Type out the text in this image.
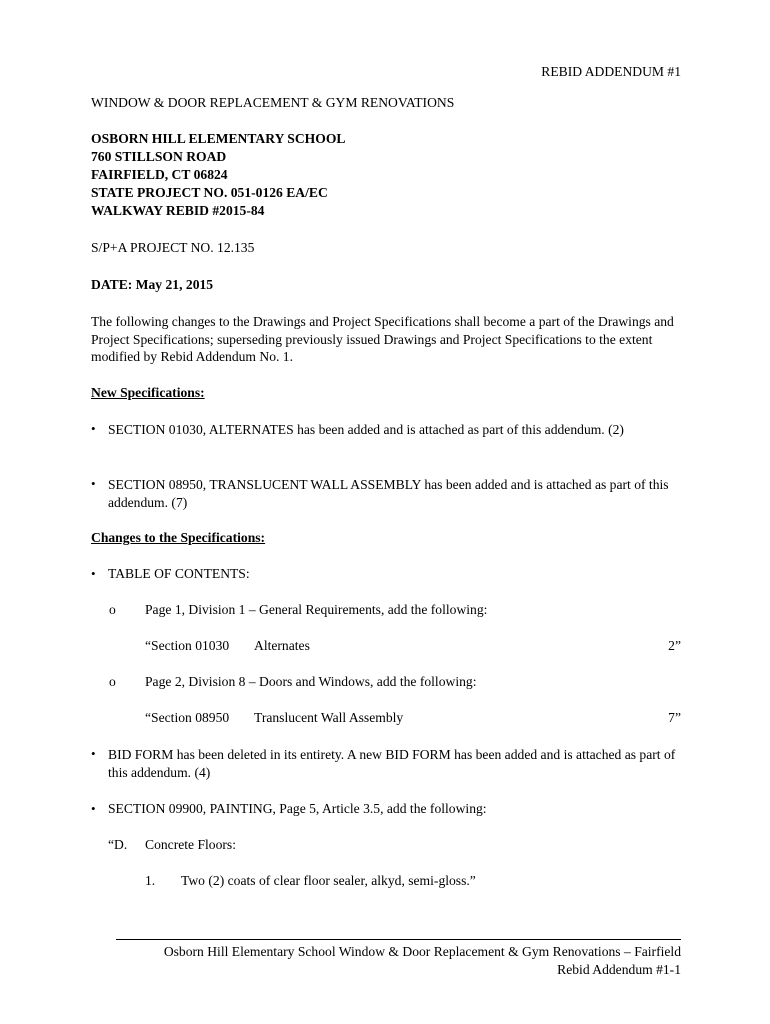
REBID ADDENDUM #1
WINDOW & DOOR REPLACEMENT & GYM RENOVATIONS
OSBORN HILL ELEMENTARY SCHOOL
760 STILLSON ROAD
FAIRFIELD, CT 06824
STATE PROJECT NO. 051-0126 EA/EC
WALKWAY REBID #2015-84
S/P+A PROJECT NO. 12.135
DATE: May 21, 2015
The following changes to the Drawings and Project Specifications shall become a part of the Drawings and Project Specifications; superseding previously issued Drawings and Project Specifications to the extent modified by Rebid Addendum No. 1.
New Specifications:
• SECTION 01030, ALTERNATES has been added and is attached as part of this addendum. (2)
• SECTION 08950, TRANSLUCENT WALL ASSEMBLY has been added and is attached as part of this addendum. (7)
Changes to the Specifications:
• TABLE OF CONTENTS:
o Page 1, Division 1 – General Requirements, add the following:
“Section 01030 Alternates	2”
o Page 2, Division 8 – Doors and Windows, add the following:
“Section 08950 Translucent Wall Assembly	7”
• BID FORM has been deleted in its entirety. A new BID FORM has been added and is attached as part of this addendum. (4)
• SECTION 09900, PAINTING, Page 5, Article 3.5, add the following:
“D. Concrete Floors:
1. Two (2) coats of clear floor sealer, alkyd, semi-gloss.”
Osborn Hill Elementary School Window & Door Replacement & Gym Renovations – Fairfield
Rebid Addendum #1-1
